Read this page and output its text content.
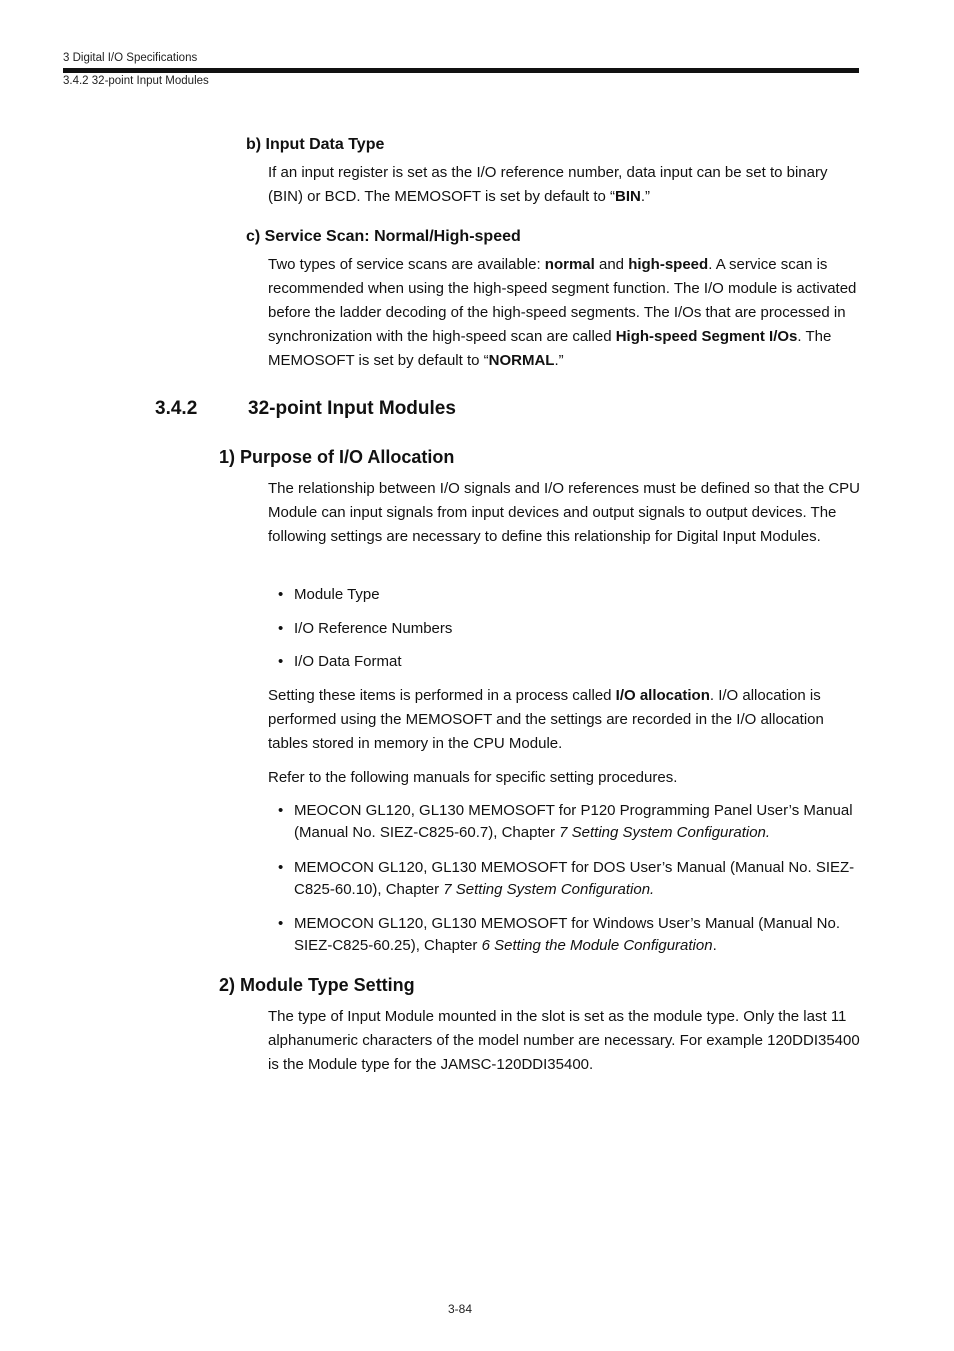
3 Digital I/O Specifications
3.4.2 32-point Input Modules
b) Input Data Type

If an input register is set as the I/O reference number, data input can be set to binary (BIN) or BCD. The MEMOSOFT is set by default to “BIN.”

c) Service Scan: Normal/High-speed

Two types of service scans are available: normal and high-speed. A service scan is recommended when using the high-speed segment function. The I/O module is activated before the ladder decoding of the high-speed segments. The I/Os that are processed in synchronization with the high-speed scan are called High-speed Segment I/Os. The MEMOSOFT is set by default to “NORMAL.”

3.4.2	32-point Input Modules
1) Purpose of I/O Allocation
The relationship between I/O signals and I/O references must be defined so that the CPU Module can input signals from input devices and output signals to output devices. The following settings are necessary to define this relationship for Digital Input Modules.
• Module Type
• I/O Reference Numbers
• I/O Data Format

Setting these items is performed in a process called I/O allocation. I/O allocation is performed using the MEMOSOFT and the settings are recorded in the I/O allocation tables stored in memory in the CPU Module.

Refer to the following manuals for specific setting procedures.
• MEOCON GL120, GL130 MEMOSOFT for P120 Programming Panel User’s Manual (Manual No. SIEZ-C825-60.7), Chapter 7 Setting System Configuration.
• MEMOCON GL120, GL130 MEMOSOFT for DOS User’s Manual (Manual No. SIEZ-C825-60.10), Chapter 7 Setting System Configuration.
• MEMOCON GL120, GL130 MEMOSOFT for Windows User’s Manual (Manual No. SIEZ-C825-60.25), Chapter 6 Setting the Module Configuration.
2) Module Type Setting
The type of Input Module mounted in the slot is set as the module type. Only the last 11 alphanumeric characters of the model number are necessary. For example 120DDI35400 is the Module type for the JAMSC-120DDI35400.
3-84
